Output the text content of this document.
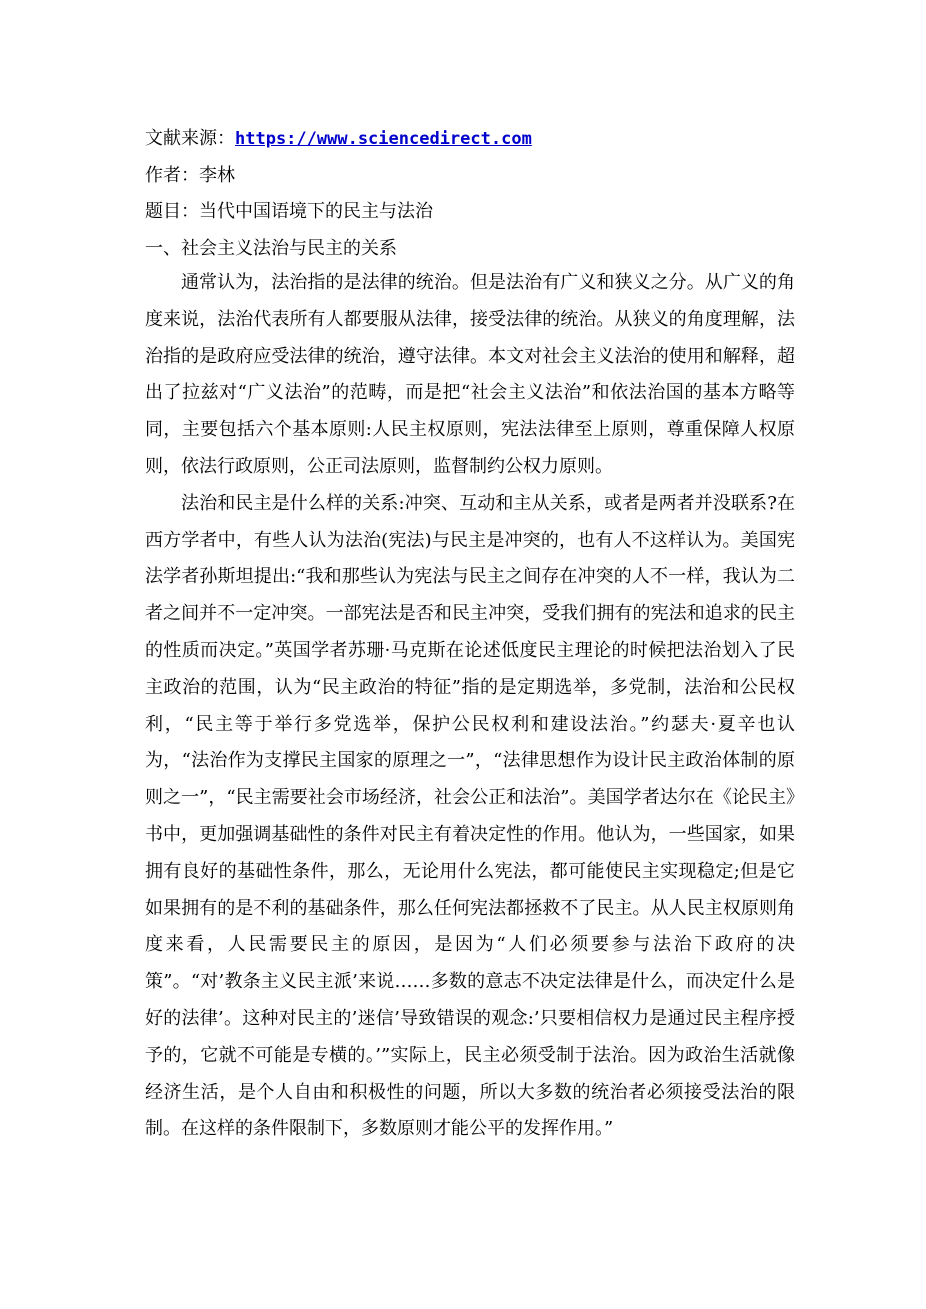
文献来源：https://www.sciencedirect.com
作者：李林
题目：当代中国语境下的民主与法治
一、社会主义法治与民主的关系

通常认为，法治指的是法律的统治。但是法治有广义和狭义之分。从广义的角度来说，法治代表所有人都要服从法律，接受法律的统治。从狭义的角度理解，法治指的是政府应受法律的统治，遵守法律。本文对社会主义法治的使用和解释，超出了拉兹对“广义法治”的范畴，而是把“社会主义法治”和依法治国的基本方略等同，主要包括六个基本原则:人民主权原则，宪法法律至上原则，尊重保障人权原则，依法行政原则，公正司法原则，监督制约公权力原则。

法治和民主是什么样的关系:冲突、互动和主从关系，或者是两者并没联系?在西方学者中，有些人认为法治(宪法)与民主是冲突的，也有人不这样认为。美国宪法学者孙斯坦提出:“我和那些认为宪法与民主之间存在冲突的人不一样，我认为二者之间并不一定冲突。一部宪法是否和民主冲突，受我们拥有的宪法和追求的民主的性质而决定。”英国学者苏珊·马克斯在论述低度民主理论的时候把法治划入了民主政治的范围，认为“民主政治的特征”指的是定期选举，多党制，法治和公民权利，“民主等于举行多党选举，保护公民权利和建设法治。”约瑟夫·夏辛也认为，“法治作为支撑民主国家的原理之一”，“法律思想作为设计民主政治体制的原则之一”，“民主需要社会市场经济，社会公正和法治”。美国学者达尔在《论民主》书中，更加强调基础性的条件对民主有着决定性的作用。他认为，一些国家，如果拥有良好的基础性条件，那么，无论用什么宪法，都可能使民主实现稳定;但是它如果拥有的是不利的基础条件，那么任何宪法都拯救不了民主。从人民主权原则角度来看，人民需要民主的原因，是因为“人们必须要参与法治下政府的决策”。“对’教条主义民主派’来说……多数的意志不决定法律是什么，而决定什么是好的法律’。这种对民主的’迷信’导致错误的观念:’只要相信权力是通过民主程序授予的，它就不可能是专横的。’”实际上，民主必须受制于法治。因为政治生活就像经济生活，是个人自由和积极性的问题，所以大多数的统治者必须接受法治的限制。在这样的条件限制下，多数原则才能公平的发挥作用。”
